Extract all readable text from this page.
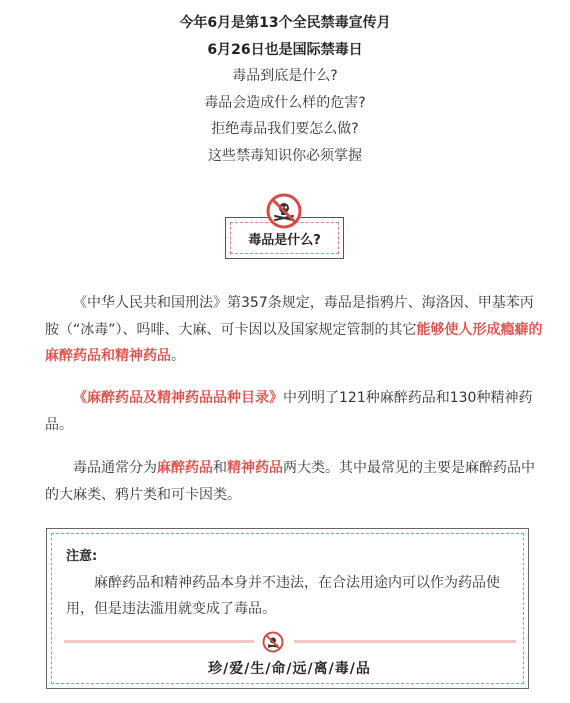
今年6月是第13个全民禁毒宣传月
6月26日也是国际禁毒日
毒品到底是什么?
毒品会造成什么样的危害?
拒绝毒品我们要怎么做?
这些禁毒知识你必须掌握
毒品是什么?
《中华人民共和国刑法》第357条规定，毒品是指鸦片、海洛因、甲基苯丙胺（“冰毒”）、吗啡、大麻、可卡因以及国家规定管制的其它能够使人形成瘾癖的麻醉药品和精神药品。
《麻醉药品及精神药品品种目录》中列明了121种麻醉药品和130种精神药品。
毒品通常分为麻醉药品和精神药品两大类。其中最常见的主要是麻醉药品中的大麻类、鸦片类和可卡因类。
注意:
麻醉药品和精神药品本身并不违法，在合法用途内可以作为药品使用，但是违法滥用就变成了毒品。
珍/爱/生/命/远/离/毒/品
